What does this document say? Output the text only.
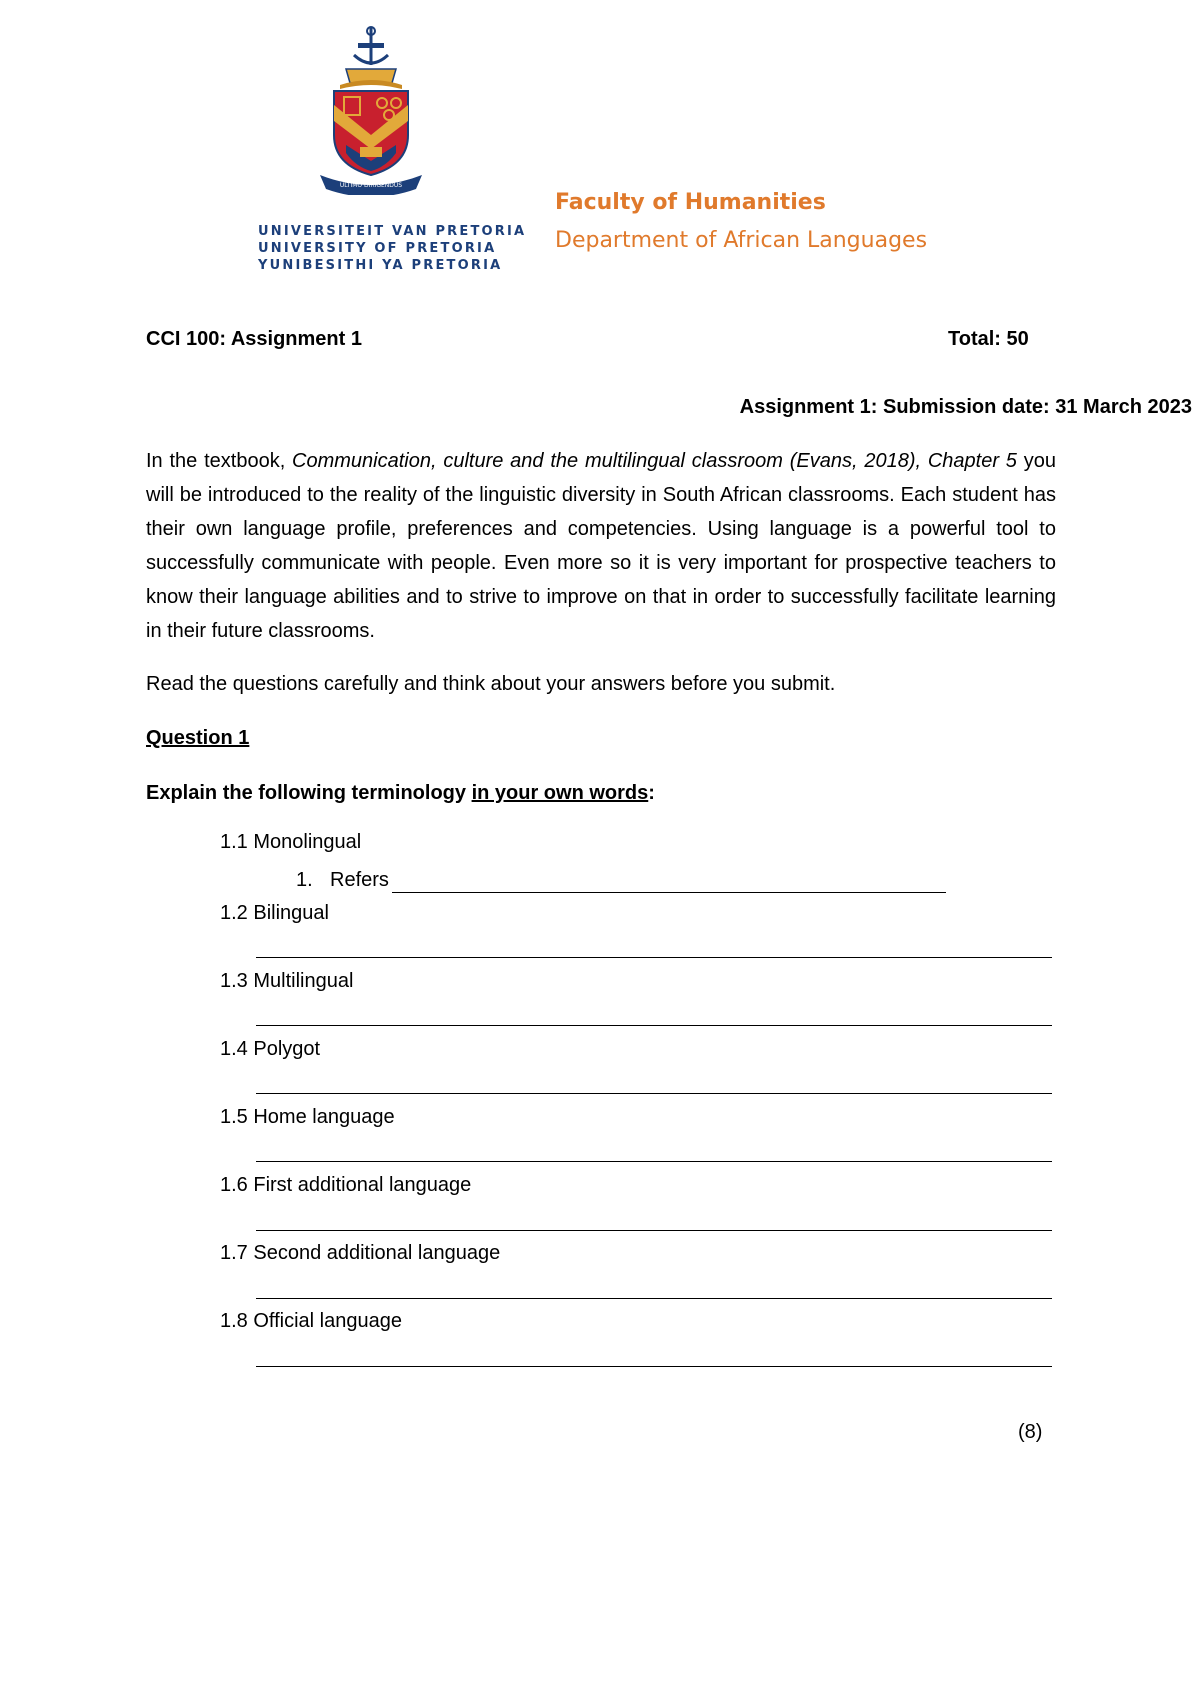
ULTIMO DIRIGENDUS
UNIVERSITEIT VAN PRETORIA
UNIVERSITY OF PRETORIA
YUNIBESITHI YA PRETORIA
Faculty of Humanities
Department of African Languages
CCI 100: Assignment 1	Total: 50
Assignment 1: Submission date: 31 March 2023
In the textbook, Communication, culture and the multilingual classroom (Evans, 2018), Chapter 5 you will be introduced to the reality of the linguistic diversity in South African classrooms. Each student has their own language profile, preferences and competencies. Using language is a powerful tool to successfully communicate with people. Even more so it is very important for prospective teachers to know their language abilities and to strive to improve on that in order to successfully facilitate learning in their future classrooms.
Read the questions carefully and think about your answers before you submit.
Question 1
Explain the following terminology in your own words:
1.1 Monolingual
1. Refers
1.2 Bilingual
1.3 Multilingual
1.4 Polygot
1.5 Home language
1.6 First additional language
1.7 Second additional language
1.8 Official language
(8)
